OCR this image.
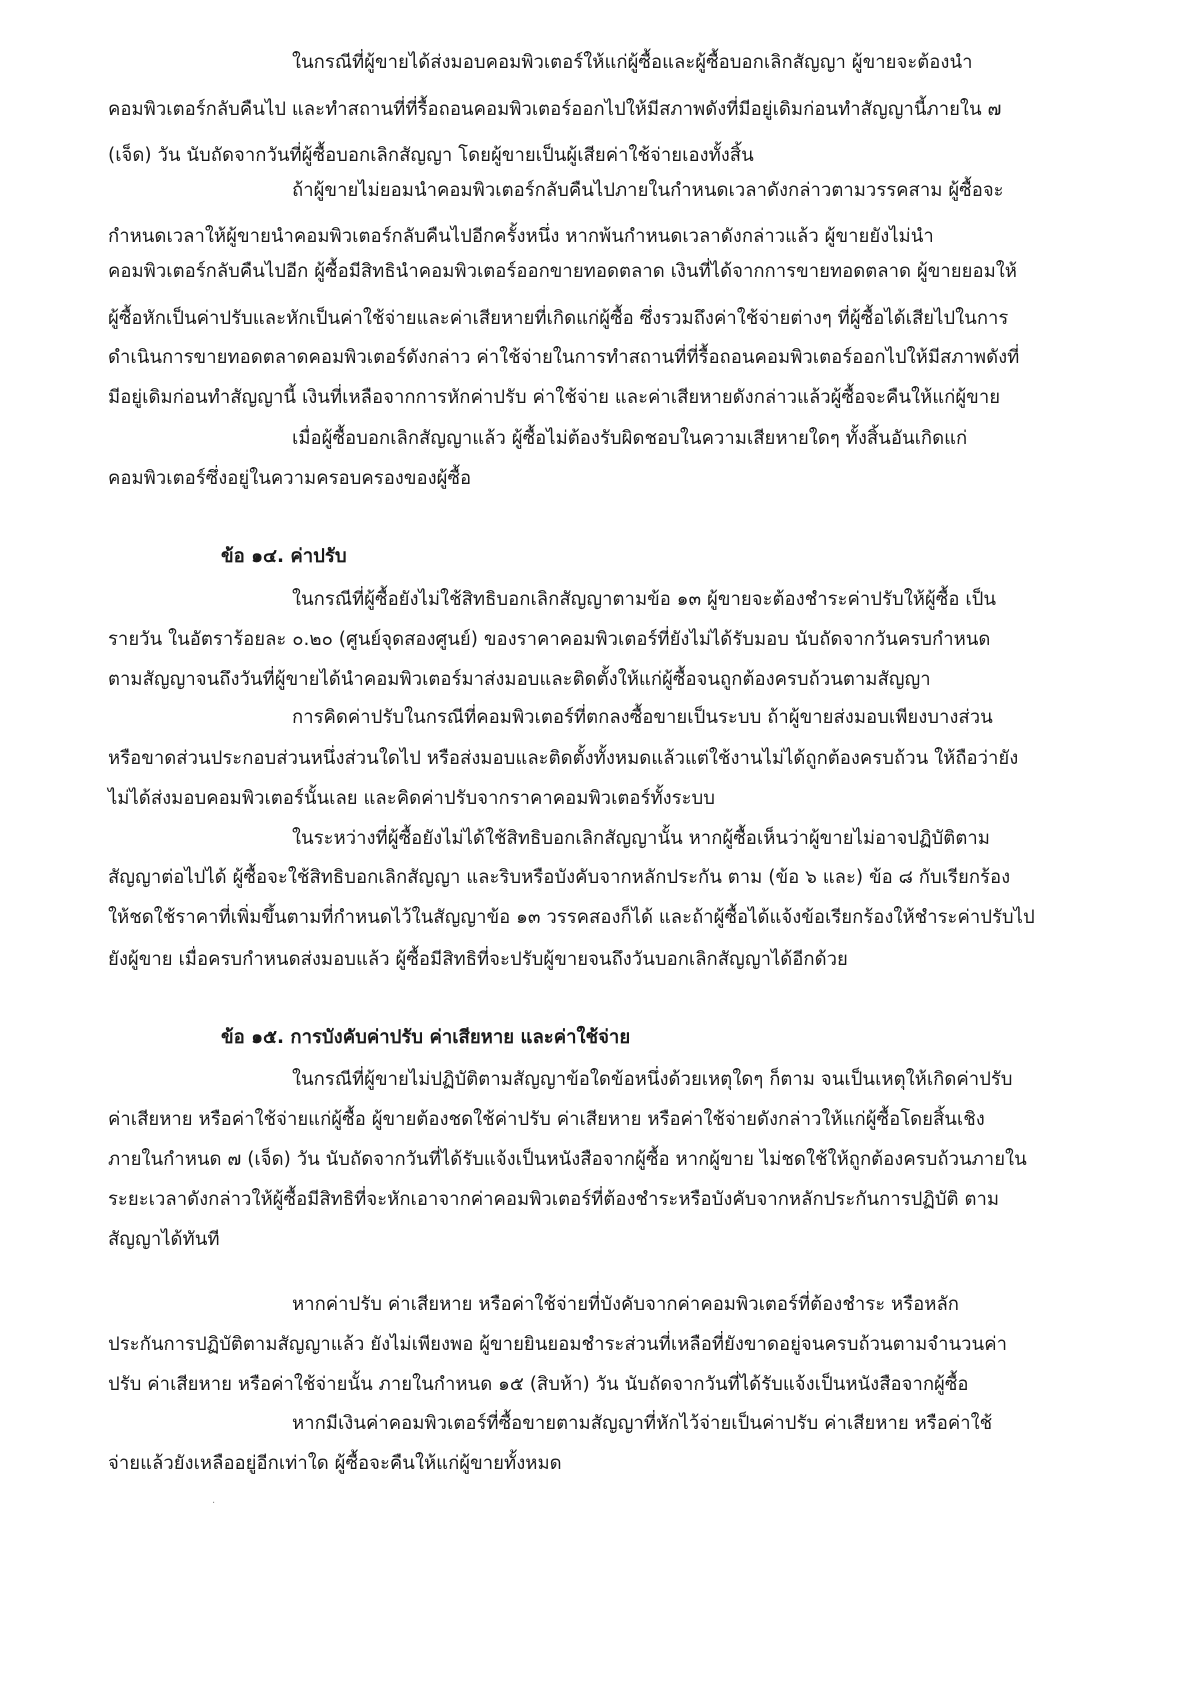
ในกรณีที่ผู้ขายได้ส่งมอบคอมพิวเตอร์ให้แก่ผู้ซื้อและผู้ซื้อบอกเลิกสัญญา ผู้ขายจะต้องนำ
คอมพิวเตอร์กลับคืนไป และทำสถานที่ที่รื้อถอนคอมพิวเตอร์ออกไปให้มีสภาพดังที่มีอยู่เดิมก่อนทำสัญญานี้ภายใน ๗
(เจ็ด) วัน นับถัดจากวันที่ผู้ซื้อบอกเลิกสัญญา โดยผู้ขายเป็นผู้เสียค่าใช้จ่ายเองทั้งสิ้น
ถ้าผู้ขายไม่ยอมนำคอมพิวเตอร์กลับคืนไปภายในกำหนดเวลาดังกล่าวตามวรรคสาม ผู้ซื้อจะ
กำหนดเวลาให้ผู้ขายนำคอมพิวเตอร์กลับคืนไปอีกครั้งหนึ่ง หากพ้นกำหนดเวลาดังกล่าวแล้ว ผู้ขายยังไม่นำ
คอมพิวเตอร์กลับคืนไปอีก ผู้ซื้อมีสิทธินำคอมพิวเตอร์ออกขายทอดตลาด เงินที่ได้จากการขายทอดตลาด ผู้ขายยอมให้
ผู้ซื้อหักเป็นค่าปรับและหักเป็นค่าใช้จ่ายและค่าเสียหายที่เกิดแก่ผู้ซื้อ ซึ่งรวมถึงค่าใช้จ่ายต่างๆ ที่ผู้ซื้อได้เสียไปในการ
ดำเนินการขายทอดตลาดคอมพิวเตอร์ดังกล่าว ค่าใช้จ่ายในการทำสถานที่ที่รื้อถอนคอมพิวเตอร์ออกไปให้มีสภาพดังที่
มีอยู่เดิมก่อนทำสัญญานี้ เงินที่เหลือจากการหักค่าปรับ ค่าใช้จ่าย และค่าเสียหายดังกล่าวแล้วผู้ซื้อจะคืนให้แก่ผู้ขาย
เมื่อผู้ซื้อบอกเลิกสัญญาแล้ว ผู้ซื้อไม่ต้องรับผิดชอบในความเสียหายใดๆ ทั้งสิ้นอันเกิดแก่
คอมพิวเตอร์ซึ่งอยู่ในความครอบครองของผู้ซื้อ
ข้อ ๑๔. ค่าปรับ
ในกรณีที่ผู้ซื้อยังไม่ใช้สิทธิบอกเลิกสัญญาตามข้อ ๑๓ ผู้ขายจะต้องชำระค่าปรับให้ผู้ซื้อ เป็น
รายวัน ในอัตราร้อยละ ๐.๒๐ (ศูนย์จุดสองศูนย์) ของราคาคอมพิวเตอร์ที่ยังไม่ได้รับมอบ นับถัดจากวันครบกำหนด
ตามสัญญาจนถึงวันที่ผู้ขายได้นำคอมพิวเตอร์มาส่งมอบและติดตั้งให้แก่ผู้ซื้อจนถูกต้องครบถ้วนตามสัญญา
การคิดค่าปรับในกรณีที่คอมพิวเตอร์ที่ตกลงซื้อขายเป็นระบบ ถ้าผู้ขายส่งมอบเพียงบางส่วน
หรือขาดส่วนประกอบส่วนหนึ่งส่วนใดไป หรือส่งมอบและติดตั้งทั้งหมดแล้วแต่ใช้งานไม่ได้ถูกต้องครบถ้วน ให้ถือว่ายัง
ไม่ได้ส่งมอบคอมพิวเตอร์นั้นเลย และคิดค่าปรับจากราคาคอมพิวเตอร์ทั้งระบบ
ในระหว่างที่ผู้ซื้อยังไม่ได้ใช้สิทธิบอกเลิกสัญญานั้น หากผู้ซื้อเห็นว่าผู้ขายไม่อาจปฏิบัติตาม
สัญญาต่อไปได้ ผู้ซื้อจะใช้สิทธิบอกเลิกสัญญา และริบหรือบังคับจากหลักประกัน ตาม (ข้อ ๖ และ) ข้อ ๘ กับเรียกร้อง
ให้ชดใช้ราคาที่เพิ่มขึ้นตามที่กำหนดไว้ในสัญญาข้อ ๑๓ วรรคสองก็ได้ และถ้าผู้ซื้อได้แจ้งข้อเรียกร้องให้ชำระค่าปรับไป
ยังผู้ขาย เมื่อครบกำหนดส่งมอบแล้ว ผู้ซื้อมีสิทธิที่จะปรับผู้ขายจนถึงวันบอกเลิกสัญญาได้อีกด้วย
ข้อ ๑๕. การบังคับค่าปรับ ค่าเสียหาย และค่าใช้จ่าย
ในกรณีที่ผู้ขายไม่ปฏิบัติตามสัญญาข้อใดข้อหนึ่งด้วยเหตุใดๆ ก็ตาม จนเป็นเหตุให้เกิดค่าปรับ
ค่าเสียหาย หรือค่าใช้จ่ายแก่ผู้ซื้อ ผู้ขายต้องชดใช้ค่าปรับ ค่าเสียหาย หรือค่าใช้จ่ายดังกล่าวให้แก่ผู้ซื้อโดยสิ้นเชิง
ภายในกำหนด ๗ (เจ็ด) วัน นับถัดจากวันที่ได้รับแจ้งเป็นหนังสือจากผู้ซื้อ หากผู้ขาย ไม่ชดใช้ให้ถูกต้องครบถ้วนภายใน
ระยะเวลาดังกล่าวให้ผู้ซื้อมีสิทธิที่จะหักเอาจากค่าคอมพิวเตอร์ที่ต้องชำระหรือบังคับจากหลักประกันการปฏิบัติ ตาม
สัญญาได้ทันที
หากค่าปรับ ค่าเสียหาย หรือค่าใช้จ่ายที่บังคับจากค่าคอมพิวเตอร์ที่ต้องชำระ หรือหลัก
ประกันการปฏิบัติตามสัญญาแล้ว ยังไม่เพียงพอ ผู้ขายยินยอมชำระส่วนที่เหลือที่ยังขาดอยู่จนครบถ้วนตามจำนวนค่า
ปรับ ค่าเสียหาย หรือค่าใช้จ่ายนั้น ภายในกำหนด ๑๕ (สิบห้า) วัน นับถัดจากวันที่ได้รับแจ้งเป็นหนังสือจากผู้ซื้อ
หากมีเงินค่าคอมพิวเตอร์ที่ซื้อขายตามสัญญาที่หักไว้จ่ายเป็นค่าปรับ ค่าเสียหาย หรือค่าใช้
จ่ายแล้วยังเหลืออยู่อีกเท่าใด ผู้ซื้อจะคืนให้แก่ผู้ขายทั้งหมด
·
